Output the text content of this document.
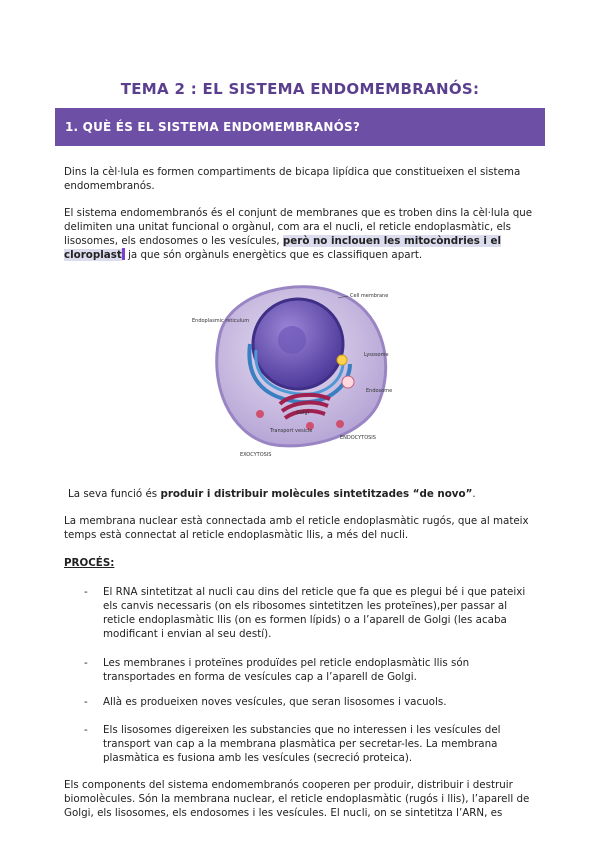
TEMA 2 : EL SISTEMA ENDOMEMBRANÓS:
1. QUÈ ÉS EL SISTEMA ENDOMEMBRANÓS?
Dins la cèl·lula es formen compartiments de bicapa lipídica que constitueixen el sistema endomembranós.
El sistema endomembranós és el conjunt de membranes que es troben dins la cèl·lula que delimiten una unitat funcional o orgànul, com ara el nucli, el reticle endoplasmàtic, els lisosomes, els endosomes o les vesícules, però no inclouen les mitocòndries i el cloroplast ja que són orgànuls energètics que es classifiquen apart.
Cell membrane
Endoplasmic reticulum
Lysosome
Endosome
Golgi
Transport vesicle
ENDOCYTOSIS
EXOCYTOSIS
La seva funció és produir i distribuir molècules sintetitzades “de novo”.
La membrana nuclear està connectada amb el reticle endoplasmàtic rugós, que al mateix temps està connectat al reticle endoplasmàtic llis, a més del nucli.
PROCÉS:
- El RNA sintetitzat al nucli cau dins del reticle que fa que es plegui bé i que pateixi els canvis necessaris (on els ribosomes sintetitzen les proteïnes),per passar al reticle endoplasmàtic llis (on es formen lípids) o a l’aparell de Golgi (les acaba modificant i envian al seu destí).
- Les membranes i proteïnes produïdes pel reticle endoplasmàtic llis són transportades en forma de vesícules cap a l’aparell de Golgi.
- Allà es produeixen noves vesícules, que seran lisosomes i vacuols.
- Els lisosomes digereixen les substancies que no interessen i les vesícules del transport van cap a la membrana plasmàtica per secretar-les. La membrana plasmàtica es fusiona amb les vesícules (secreció proteica).
Els components del sistema endomembranós cooperen per produir, distribuir i destruir biomolècules. Són la membrana nuclear, el reticle endoplasmàtic (rugós i llis), l’aparell de Golgi, els lisosomes, els endosomes i les vesícules. El nucli, on se sintetitza l’ARN, es
